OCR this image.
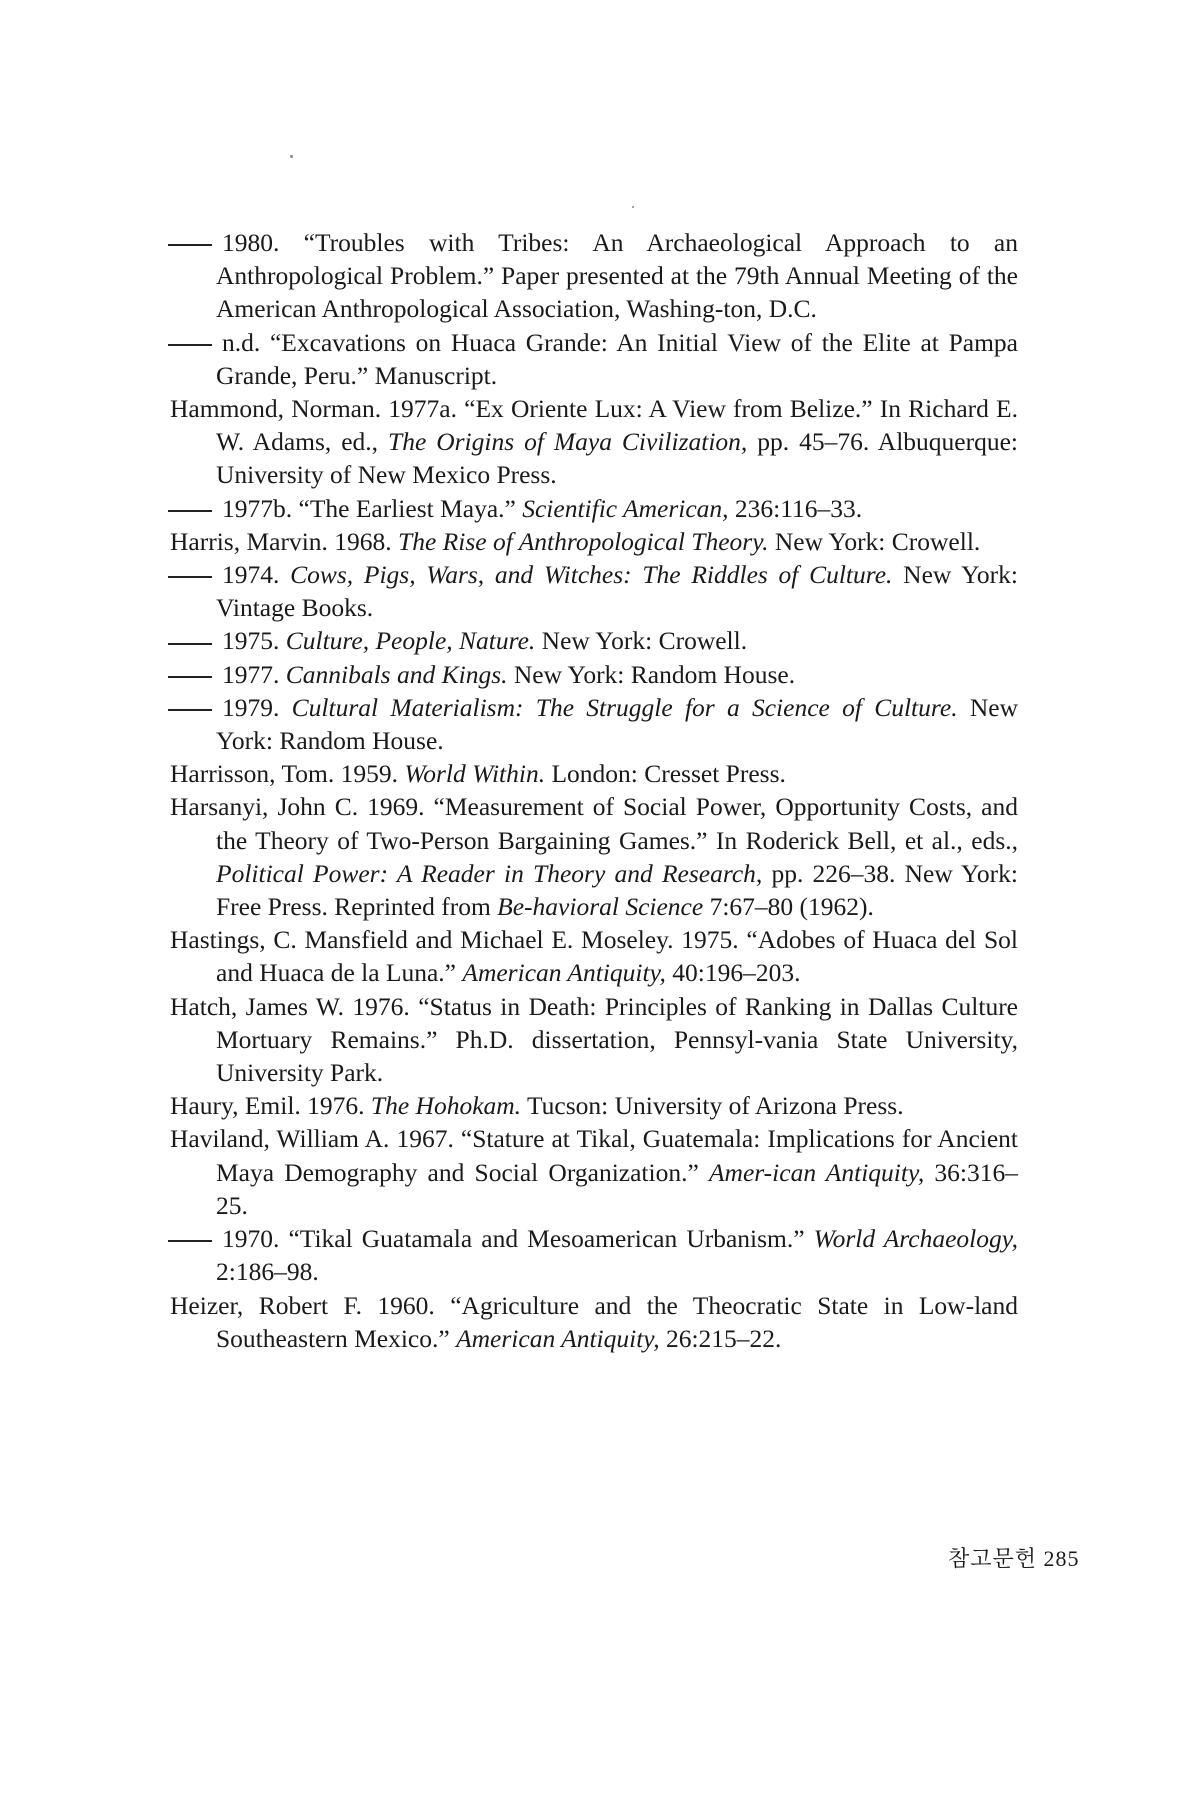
1980. “Troubles with Tribes: An Archaeological Approach to an Anthropological Problem.” Paper presented at the 79th Annual Meeting of the American Anthropological Association, Washing-ton, D.C.

n.d. “Excavations on Huaca Grande: An Initial View of the Elite at Pampa Grande, Peru.” Manuscript.

Hammond, Norman. 1977a. “Ex Oriente Lux: A View from Belize.” In Richard E. W. Adams, ed., The Origins of Maya Civilization, pp. 45–76. Albuquerque: University of New Mexico Press.

1977b. “The Earliest Maya.” Scientific American, 236:116–33.

Harris, Marvin. 1968. The Rise of Anthropological Theory. New York: Crowell.

1974. Cows, Pigs, Wars, and Witches: The Riddles of Culture. New York: Vintage Books.

1975. Culture, People, Nature. New York: Crowell.

1977. Cannibals and Kings. New York: Random House.

1979. Cultural Materialism: The Struggle for a Science of Culture. New York: Random House.

Harrisson, Tom. 1959. World Within. London: Cresset Press.

Harsanyi, John C. 1969. “Measurement of Social Power, Opportunity Costs, and the Theory of Two-Person Bargaining Games.” In Roderick Bell, et al., eds., Political Power: A Reader in Theory and Research, pp. 226–38. New York: Free Press. Reprinted from Be-havioral Science 7:67–80 (1962).

Hastings, C. Mansfield and Michael E. Moseley. 1975. “Adobes of Huaca del Sol and Huaca de la Luna.” American Antiquity, 40:196–203.

Hatch, James W. 1976. “Status in Death: Principles of Ranking in Dallas Culture Mortuary Remains.” Ph.D. dissertation, Pennsyl-vania State University, University Park.

Haury, Emil. 1976. The Hohokam. Tucson: University of Arizona Press.

Haviland, William A. 1967. “Stature at Tikal, Guatemala: Implications for Ancient Maya Demography and Social Organization.” Amer-ican Antiquity, 36:316–25.

1970. “Tikal Guatamala and Mesoamerican Urbanism.” World Archaeology, 2:186–98.

Heizer, Robert F. 1960. “Agriculture and the Theocratic State in Low-land Southeastern Mexico.” American Antiquity, 26:215–22.

참고문헌 285
